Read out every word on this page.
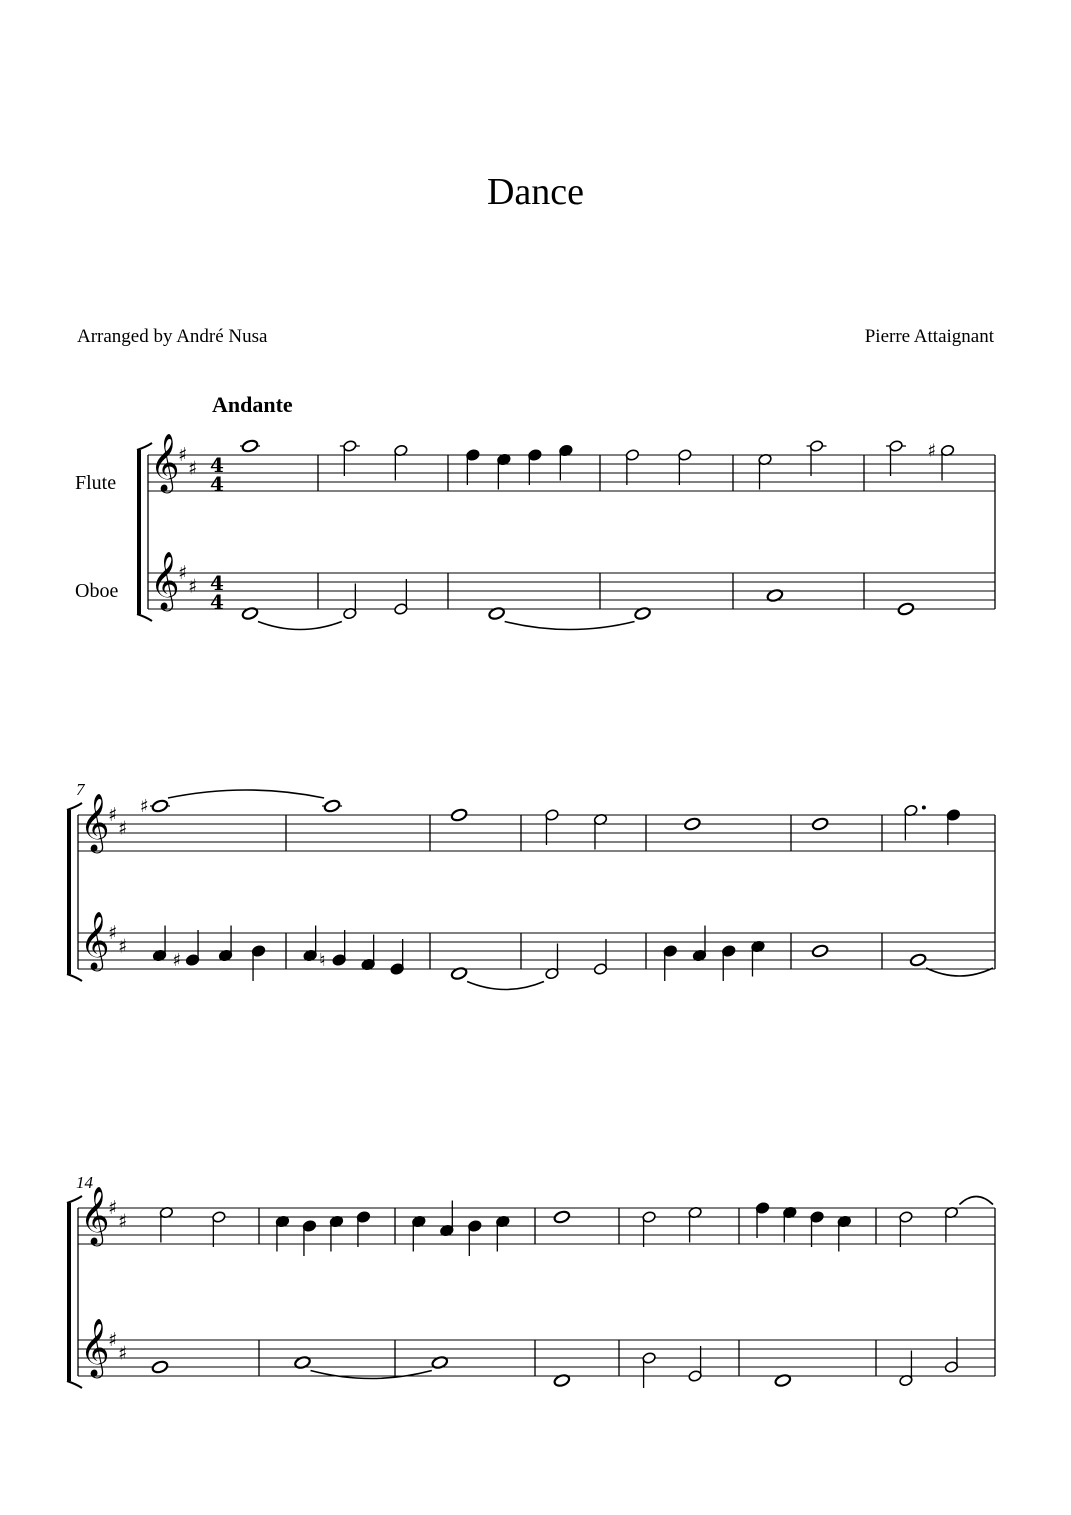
Dance
Arranged by André Nusa	Pierre Attaignant
Andante
𝄞
𝄞
♯
♯
♯
♯
4
4
4
4
♯
𝄞
𝄞
♯
♯
♯
♯
7
♯
♯	♮
𝄞
𝄞
♯
♯
♯
♯
14
Flute
Oboe
